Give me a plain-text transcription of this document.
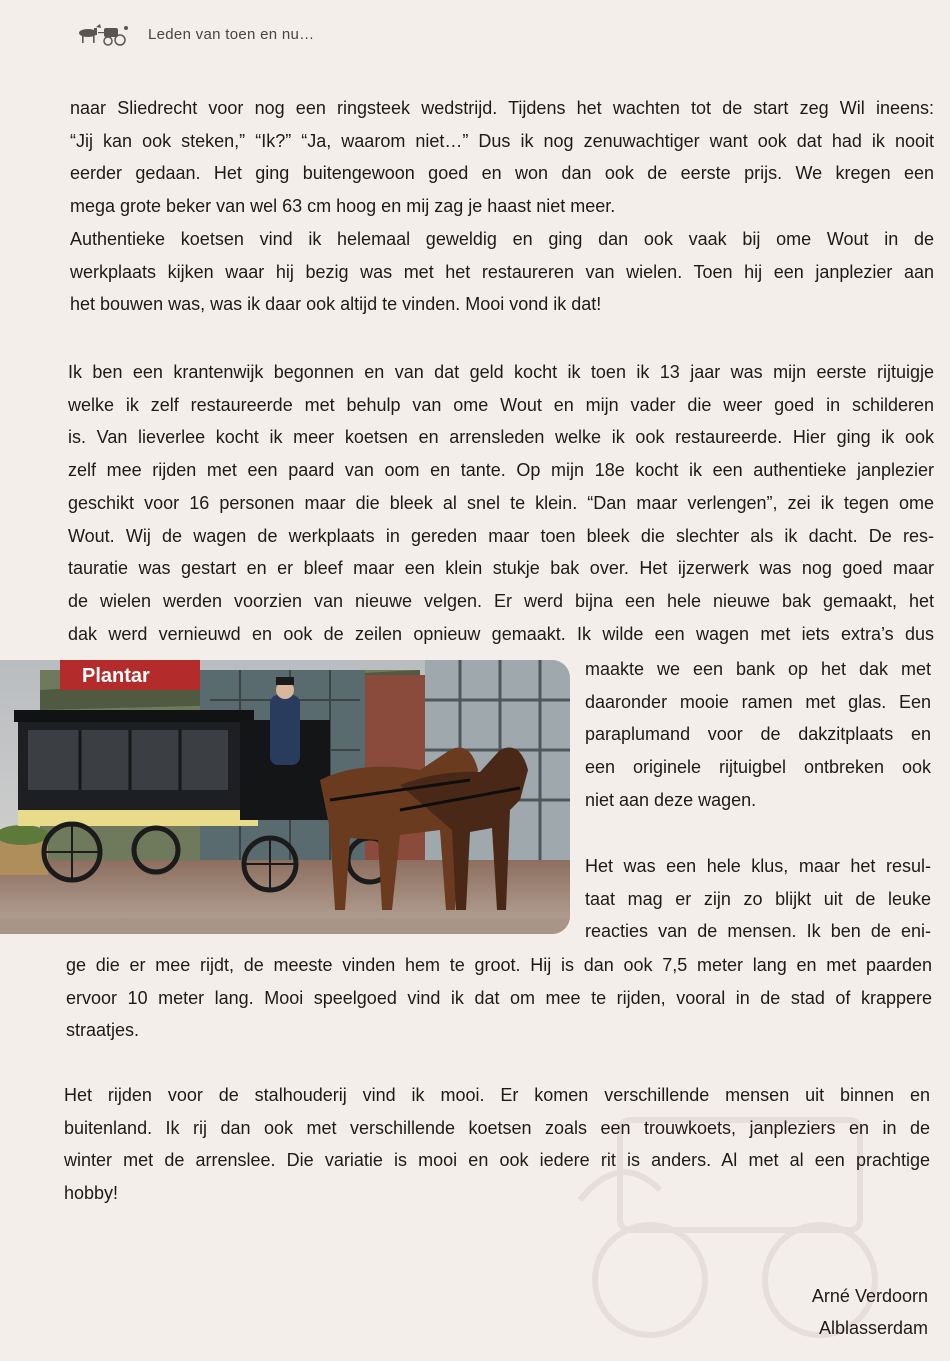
Leden van toen en nu…
naar Sliedrecht voor nog een ringsteek wedstrijd. Tijdens het wachten tot de start zeg Wil ineens:
“Jij kan ook steken,” “Ik?” “Ja, waarom niet…” Dus ik nog zenuwachtiger want ook dat had ik nooit
eerder gedaan. Het ging buitengewoon goed en won dan ook de eerste prijs. We kregen een
mega grote beker van wel 63 cm hoog en mij zag je haast niet meer.
Authentieke koetsen vind ik helemaal geweldig en ging dan ook vaak bij ome Wout in de
werkplaats kijken waar hij bezig was met het restaureren van wielen. Toen hij een janplezier aan
het bouwen was, was ik daar ook altijd te vinden. Mooi vond ik dat!
Ik ben een krantenwijk begonnen en van dat geld kocht ik toen ik 13 jaar was mijn eerste rijtuigje
welke ik zelf restaureerde met behulp van ome Wout en mijn vader die weer goed in schilderen
is. Van lieverlee kocht ik meer koetsen en arrensleden welke ik ook restaureerde. Hier ging ik ook
zelf mee rijden met een paard van oom en tante. Op mijn 18e kocht ik een authentieke janplezier
geschikt voor 16 personen maar die bleek al snel te klein. “Dan maar verlengen”, zei ik tegen ome
Wout. Wij de wagen de werkplaats in gereden maar toen bleek die slechter als ik dacht. De res-
tauratie was gestart en er bleef maar een klein stukje bak over. Het ijzerwerk was nog goed maar
de wielen werden voorzien van nieuwe velgen. Er werd bijna een hele nieuwe bak gemaakt, het
dak werd vernieuwd en ook de zeilen opnieuw gemaakt. Ik wilde een wagen met iets extra’s dus
Plantar	maakte we een bank op het dak met
daaronder mooie ramen met glas. Een
paraplumand voor de dakzitplaats en
een originele rijtuigbel ontbreken ook
niet aan deze wagen.
Het was een hele klus, maar het resul-
taat mag er zijn zo blijkt uit de leuke
reacties van de mensen. Ik ben de eni-
ge die er mee rijdt, de meeste vinden hem te groot. Hij is dan ook 7,5 meter lang en met paarden
ervoor 10 meter lang. Mooi speelgoed vind ik dat om mee te rijden, vooral in de stad of krappere
straatjes.
Het rijden voor de stalhouderij vind ik mooi. Er komen verschillende mensen uit binnen en
buitenland. Ik rij dan ook met verschillende koetsen zoals een trouwkoets, janpleziers en in de
winter met de arrenslee. Die variatie is mooi en ook iedere rit is anders. Al met al een prachtige
hobby!
Arné Verdoorn
Alblasserdam
